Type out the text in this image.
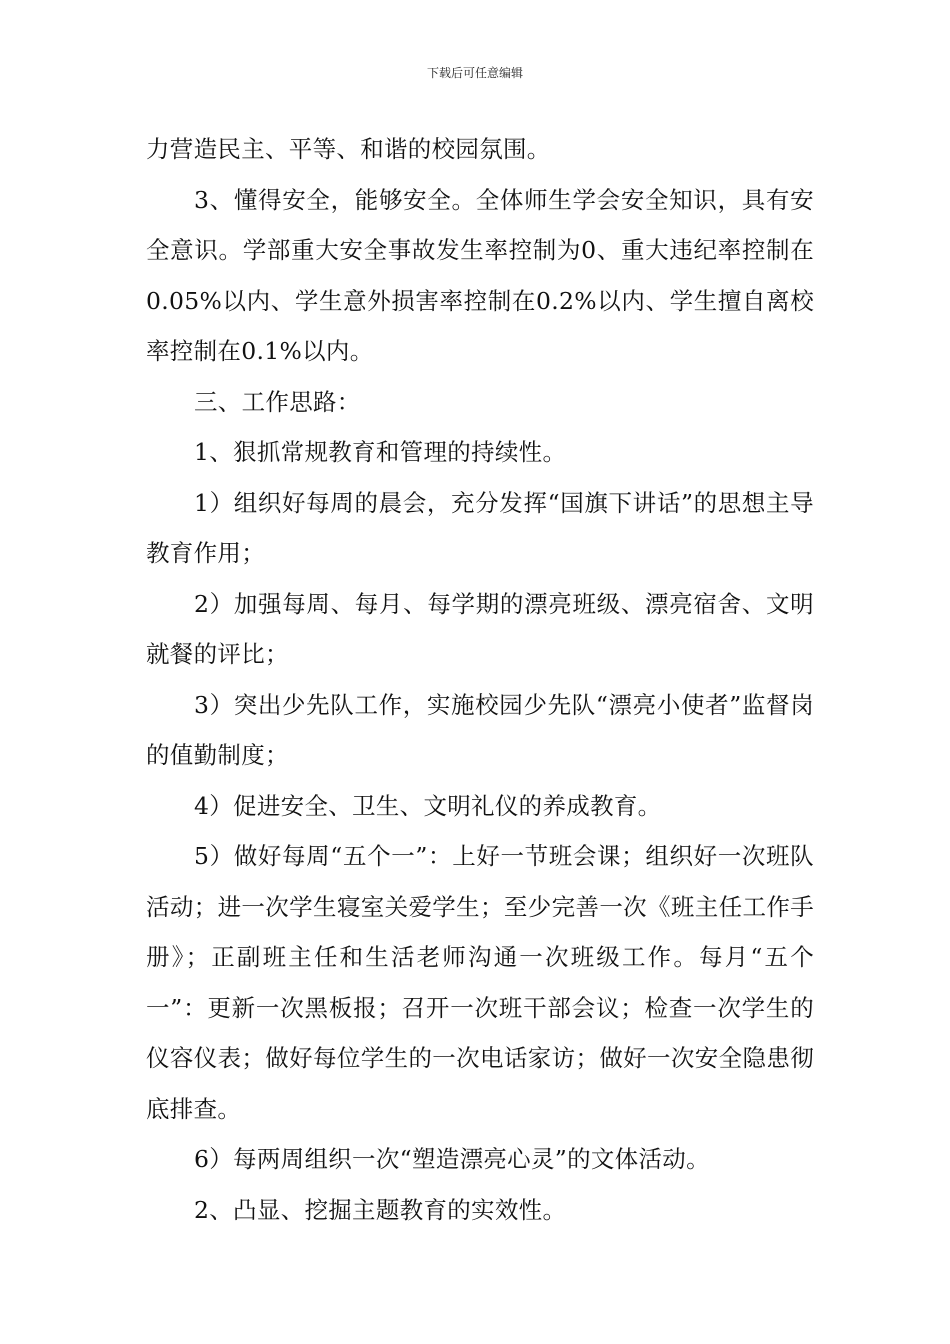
下载后可任意编辑

力营造民主、平等、和谐的校园氛围。

3、懂得安全，能够安全。全体师生学会安全知识，具有安全意识。学部重大安全事故发生率控制为0、重大违纪率控制在0.05%以内、学生意外损害率控制在0.2%以内、学生擅自离校率控制在0.1%以内。

三、工作思路：

1、狠抓常规教育和管理的持续性。

1）组织好每周的晨会，充分发挥“国旗下讲话”的思想主导教育作用；

2）加强每周、每月、每学期的漂亮班级、漂亮宿舍、文明就餐的评比；

3）突出少先队工作，实施校园少先队“漂亮小使者”监督岗的值勤制度；

4）促进安全、卫生、文明礼仪的养成教育。

5）做好每周“五个一”：上好一节班会课；组织好一次班队活动；进一次学生寝室关爱学生；至少完善一次《班主任工作手册》；正副班主任和生活老师沟通一次班级工作。每月“五个一”：更新一次黑板报；召开一次班干部会议；检查一次学生的仪容仪表；做好每位学生的一次电话家访；做好一次安全隐患彻底排查。

6）每两周组织一次“塑造漂亮心灵”的文体活动。

2、凸显、挖掘主题教育的实效性。
